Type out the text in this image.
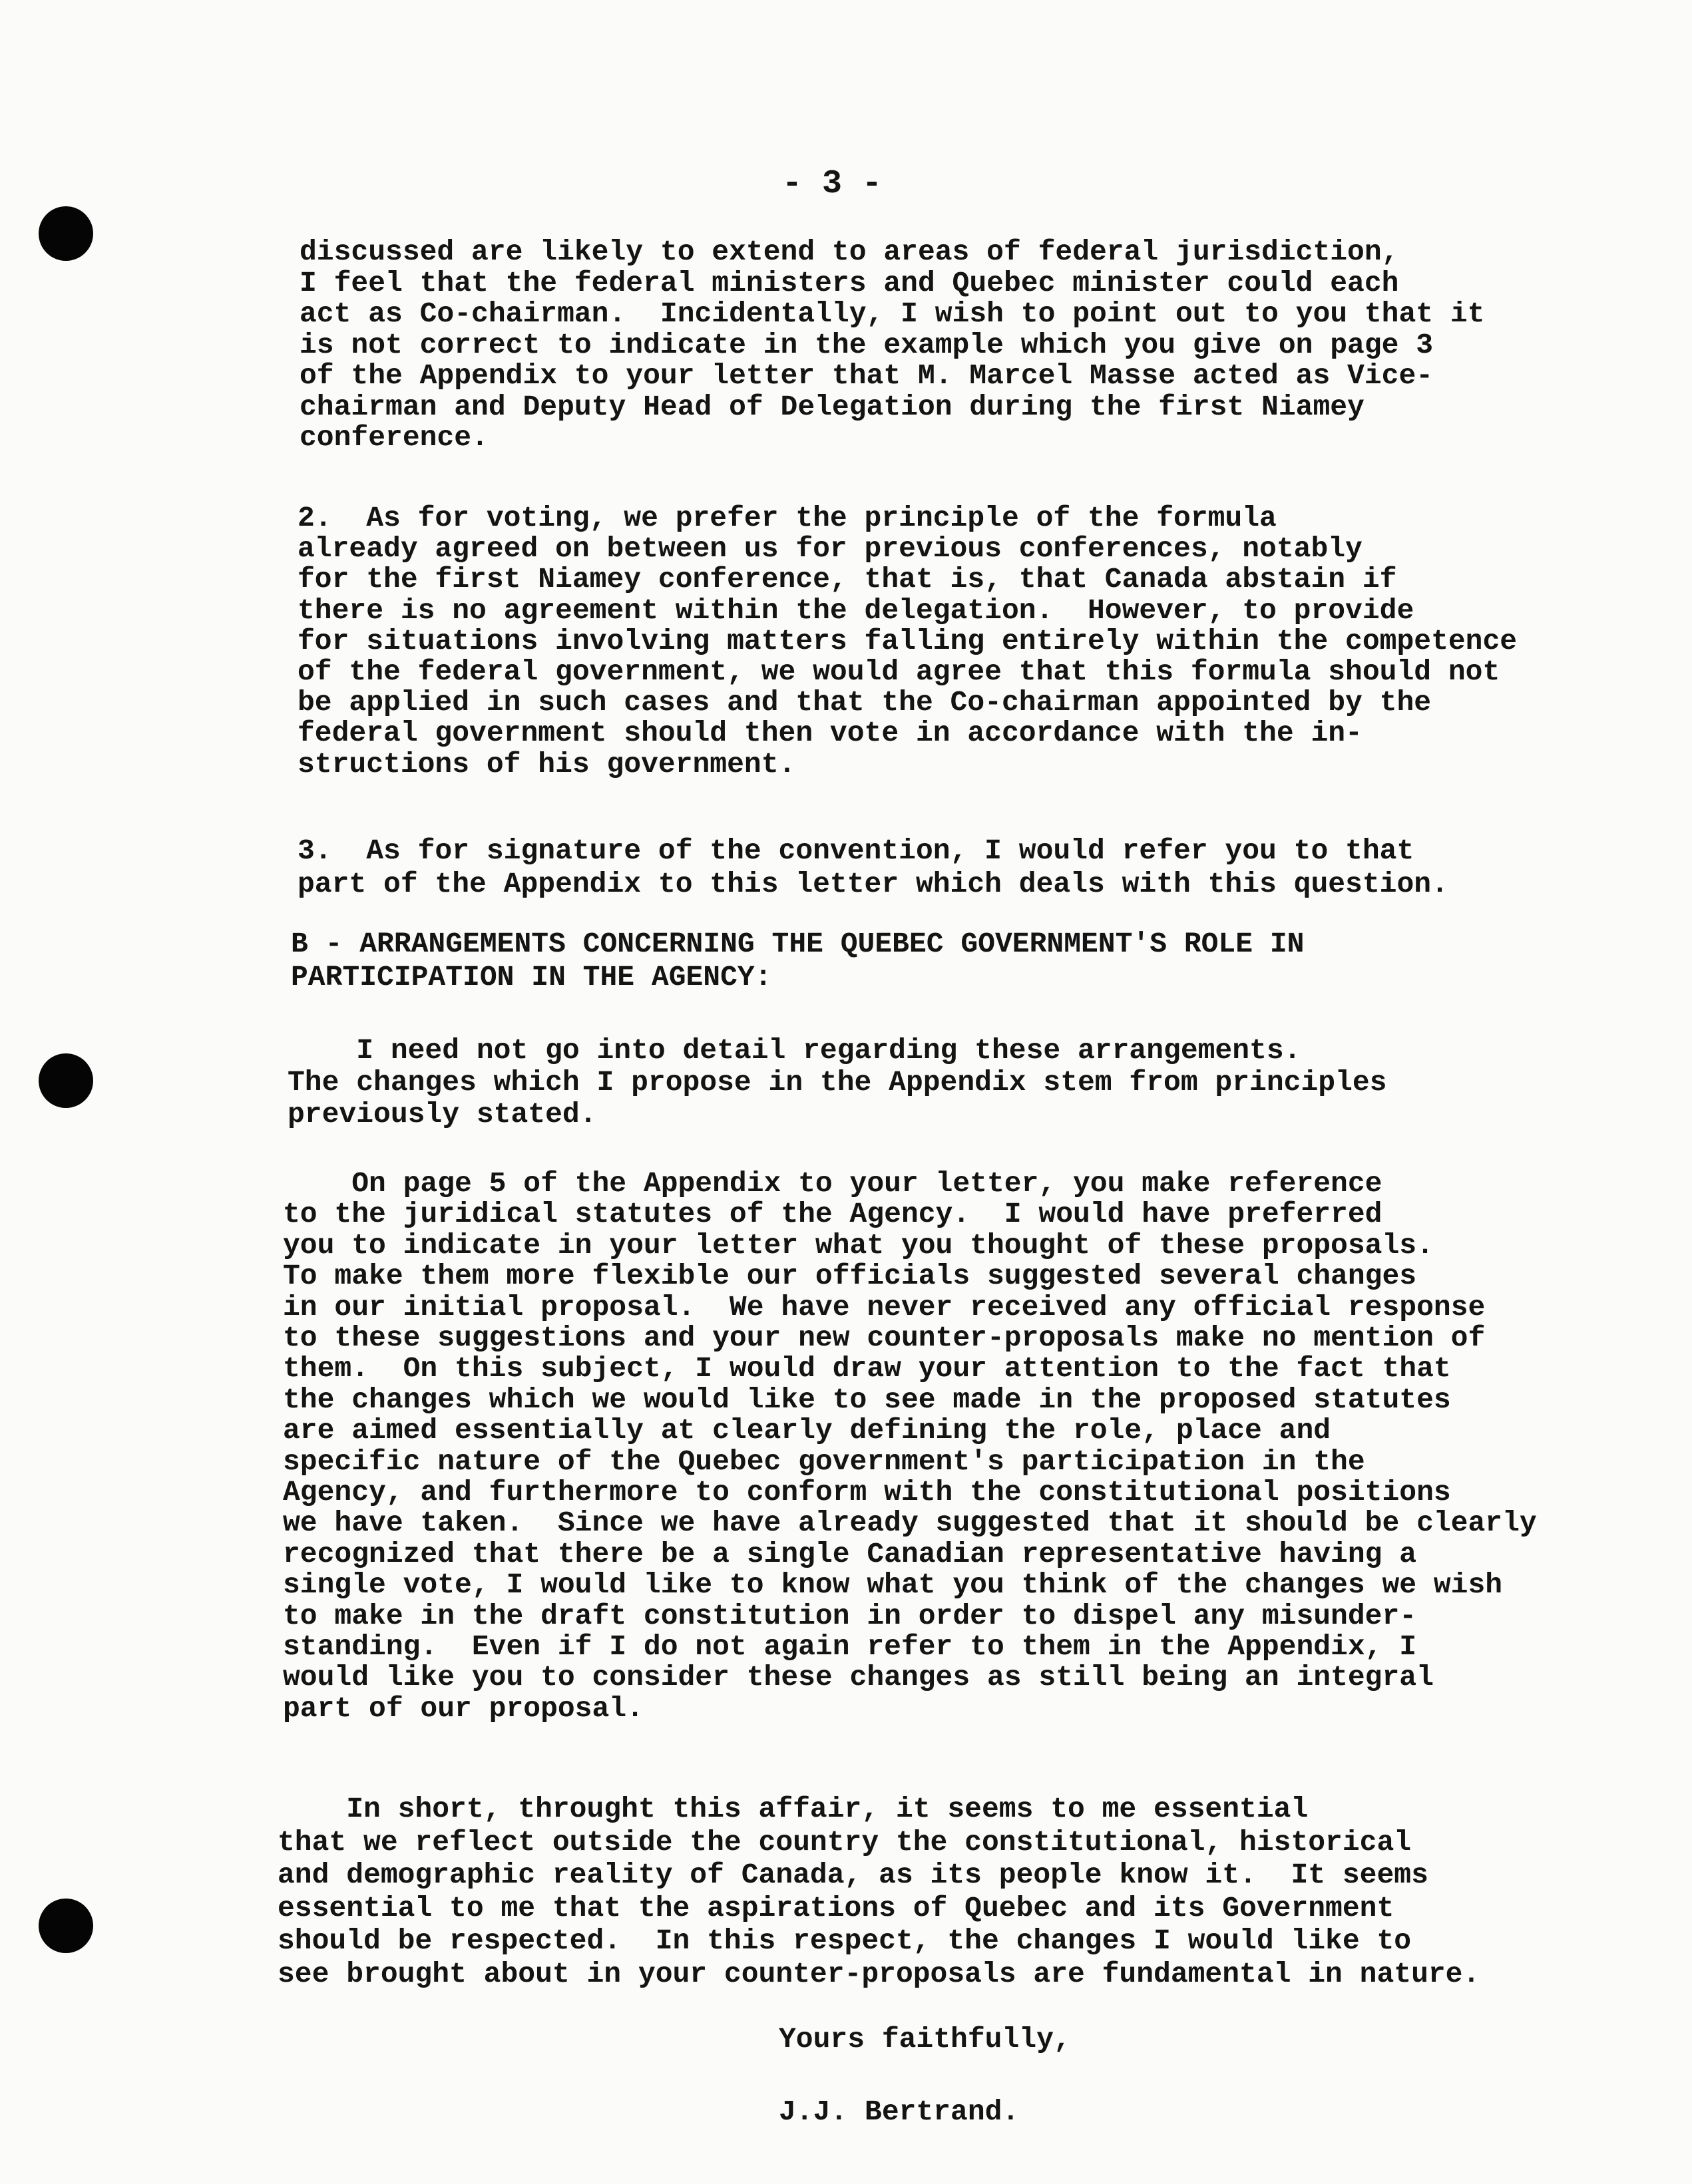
- 3 -
discussed are likely to extend to areas of federal jurisdiction,
I feel that the federal ministers and Quebec minister could each
act as Co-chairman.  Incidentally, I wish to point out to you that it
is not correct to indicate in the example which you give on page 3
of the Appendix to your letter that M. Marcel Masse acted as Vice-
chairman and Deputy Head of Delegation during the first Niamey
conference.
2.  As for voting, we prefer the principle of the formula
already agreed on between us for previous conferences, notably
for the first Niamey conference, that is, that Canada abstain if
there is no agreement within the delegation.  However, to provide
for situations involving matters falling entirely within the competence
of the federal government, we would agree that this formula should not
be applied in such cases and that the Co-chairman appointed by the
federal government should then vote in accordance with the in-
structions of his government.
3.  As for signature of the convention, I would refer you to that
part of the Appendix to this letter which deals with this question.
B - ARRANGEMENTS CONCERNING THE QUEBEC GOVERNMENT'S ROLE IN
PARTICIPATION IN THE AGENCY:
I need not go into detail regarding these arrangements.
The changes which I propose in the Appendix stem from principles
previously stated.
On page 5 of the Appendix to your letter, you make reference
to the juridical statutes of the Agency.  I would have preferred
you to indicate in your letter what you thought of these proposals.
To make them more flexible our officials suggested several changes
in our initial proposal.  We have never received any official response
to these suggestions and your new counter-proposals make no mention of
them.  On this subject, I would draw your attention to the fact that
the changes which we would like to see made in the proposed statutes
are aimed essentially at clearly defining the role, place and
specific nature of the Quebec government's participation in the
Agency, and furthermore to conform with the constitutional positions
we have taken.  Since we have already suggested that it should be clearly
recognized that there be a single Canadian representative having a
single vote, I would like to know what you think of the changes we wish
to make in the draft constitution in order to dispel any misunder-
standing.  Even if I do not again refer to them in the Appendix, I
would like you to consider these changes as still being an integral
part of our proposal.
In short, throught this affair, it seems to me essential
that we reflect outside the country the constitutional, historical
and demographic reality of Canada, as its people know it.  It seems
essential to me that the aspirations of Quebec and its Government
should be respected.  In this respect, the changes I would like to
see brought about in your counter-proposals are fundamental in nature.
Yours faithfully,
J.J. Bertrand.
